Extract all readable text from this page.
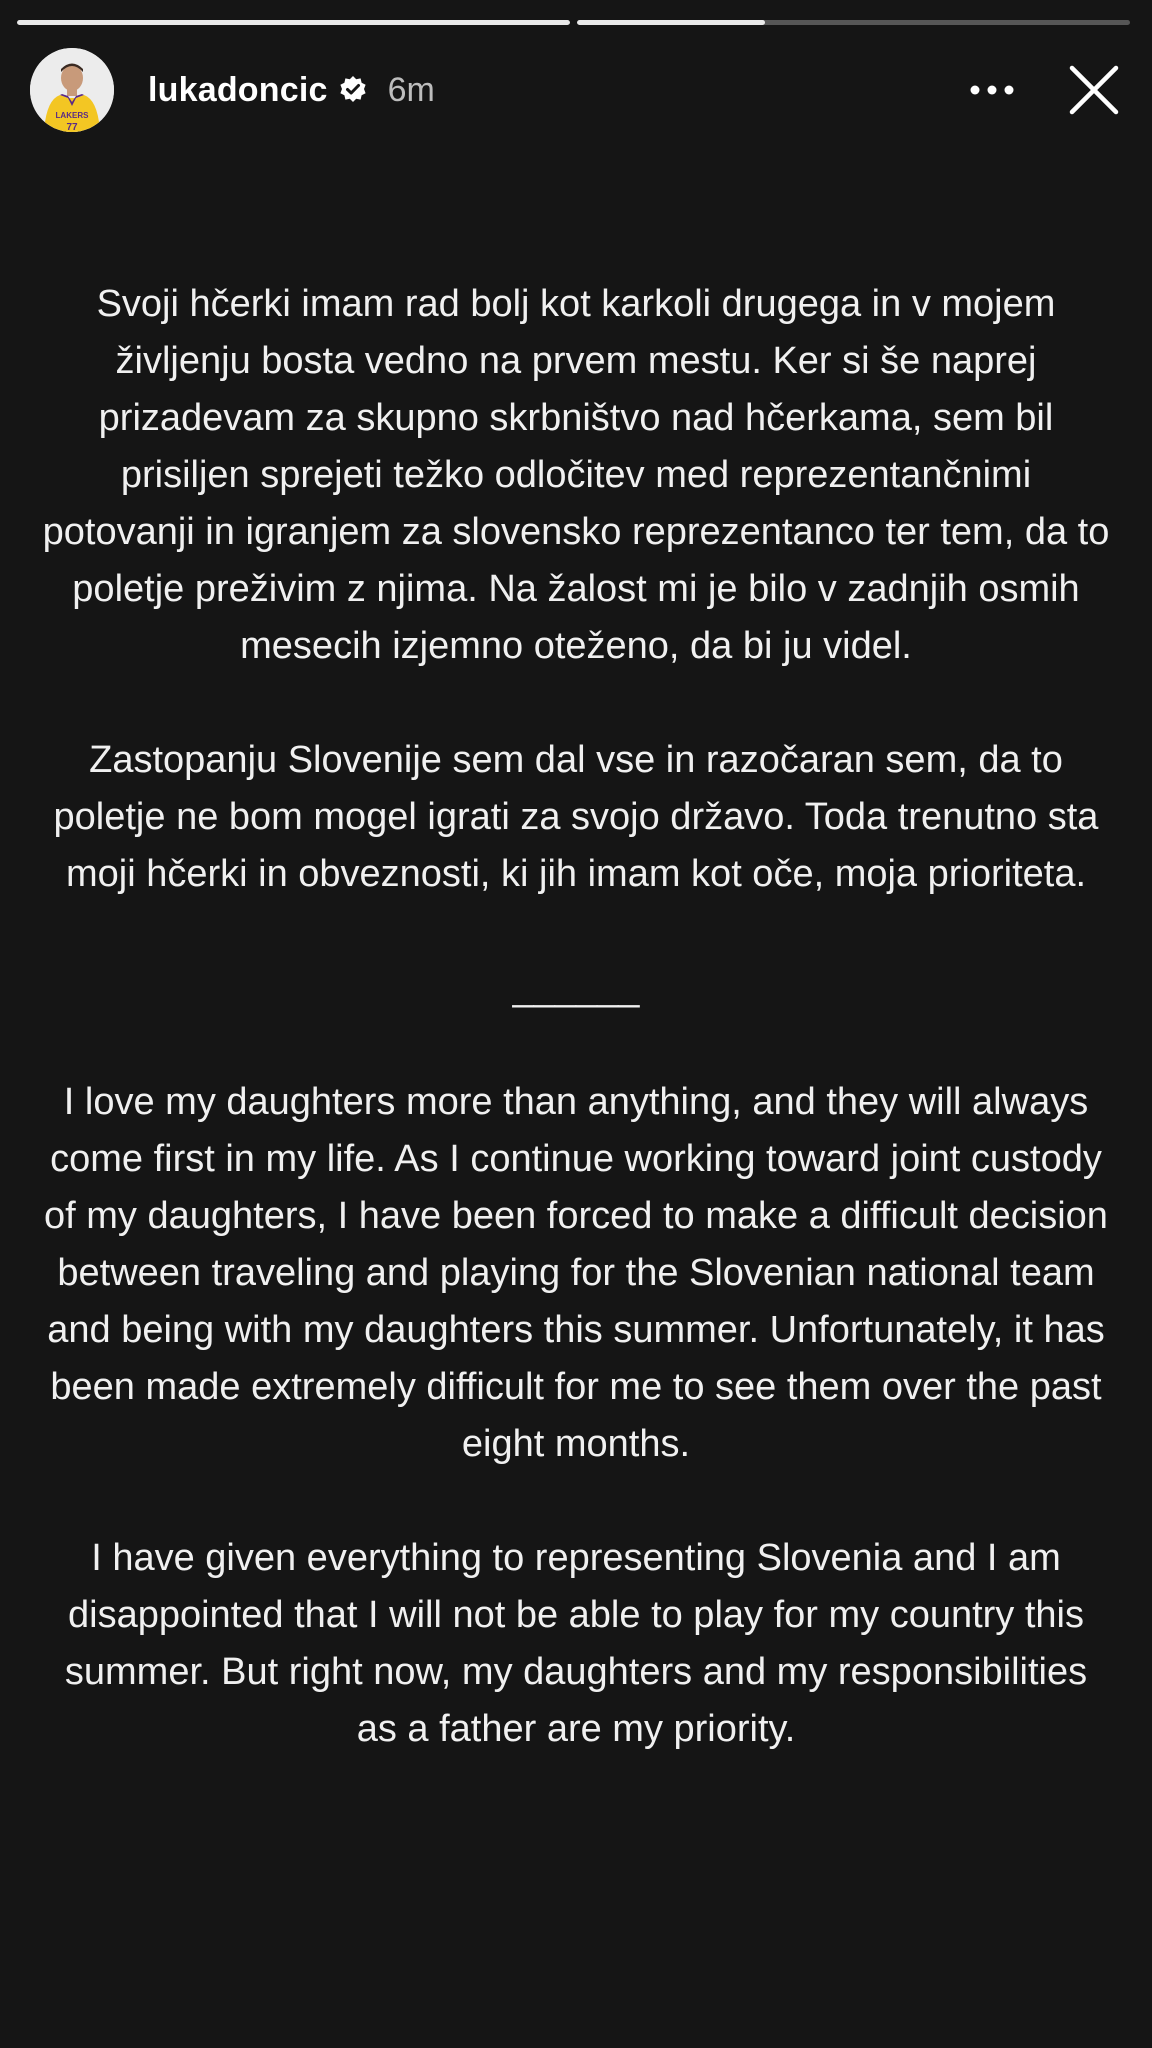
LAKERS
77
lukadoncic 6m

Svoji hčerki imam rad bolj kot karkoli drugega in v mojem življenju bosta vedno na prvem mestu. Ker si še naprej prizadevam za skupno skrbništvo nad hčerkama, sem bil prisiljen sprejeti težko odločitev med reprezentančnimi potovanji in igranjem za slovensko reprezentanco ter tem, da to poletje preživim z njima. Na žalost mi je bilo v zadnjih osmih mesecih izjemno oteženo, da bi ju videl.

Zastopanju Slovenije sem dal vse in razočaran sem, da to poletje ne bom mogel igrati za svojo državo. Toda trenutno sta moji hčerki in obveznosti, ki jih imam kot oče, moja prioriteta.

______

I love my daughters more than anything, and they will always come first in my life. As I continue working toward joint custody of my daughters, I have been forced to make a difficult decision between traveling and playing for the Slovenian national team and being with my daughters this summer. Unfortunately, it has been made extremely difficult for me to see them over the past eight months.

I have given everything to representing Slovenia and I am disappointed that I will not be able to play for my country this summer. But right now, my daughters and my responsibilities as a father are my priority.
